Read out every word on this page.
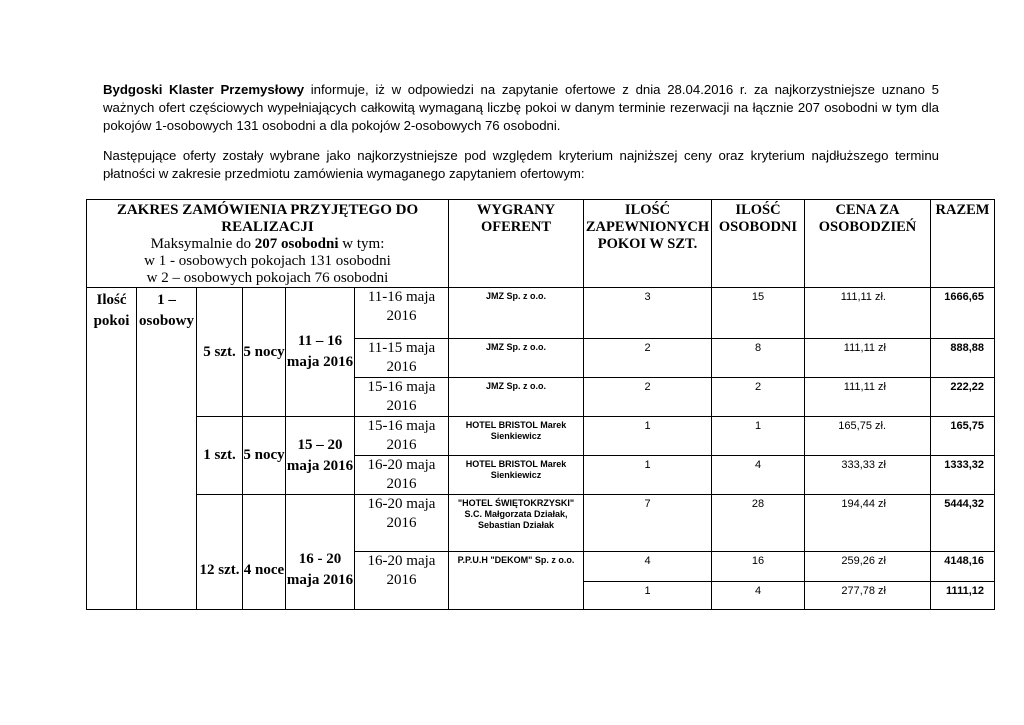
Bydgoski Klaster Przemysłowy informuje, iż w odpowiedzi na zapytanie ofertowe z dnia 28.04.2016 r. za najkorzystniejsze uznano 5 ważnych ofert częściowych wypełniających całkowitą wymaganą liczbę pokoi w danym terminie rezerwacji na łącznie 207 osobodni w tym dla pokojów 1-osobowych 131 osobodni a dla pokojów 2-osobowych 76 osobodni.

Następujące oferty zostały wybrane jako najkorzystniejsze pod względem kryterium najniższej ceny oraz kryterium najdłuższego terminu płatności w zakresie przedmiotu zamówienia wymaganego zapytaniem ofertowym:

ZAKRES ZAMÓWIENIA PRZYJĘTEGO DO REALIZACJI
Maksymalnie do 207 osobodni w tym:
w 1 - osobowych pokojach 131 osobodni
w 2 – osobowych pokojach 76 osobodni						WYGRANY OFERENT	ILOŚĆ ZAPEWNIONYCH POKOI W SZT.	ILOŚĆ OSOBODNI	CENA ZA OSOBODZIEŃ	RAZEM
Ilość pokoi	1 – osobowy	5 szt.	5 nocy	11 – 16 maja 2016	11-16 maja 2016	JMZ Sp. z o.o.	3	15	111,11 zł.	1666,65
					11-15 maja 2016	JMZ Sp. z o.o.	2	8	111,11 zł	888,88
					15-16 maja 2016	JMZ Sp. z o.o.	2	2	111,11 zł	222,22
		1 szt.	5 nocy	15 – 20 maja 2016	15-16 maja 2016	HOTEL BRISTOL Marek Sienkiewicz	1	1	165,75 zł.	165,75
					16-20 maja 2016	HOTEL BRISTOL Marek Sienkiewicz	1	4	333,33 zł	1333,32
		12 szt.	4 noce	16 - 20 maja 2016	16-20 maja 2016	"HOTEL ŚWIĘTOKRZYSKI" S.C. Małgorzata Działak, Sebastian Działak	7	28	194,44 zł	5444,32
					16-20 maja 2016	P.P.U.H "DEKOM" Sp. z o.o.	4	16	259,26 zł	4148,16
							1	4	277,78 zł	1111,12
